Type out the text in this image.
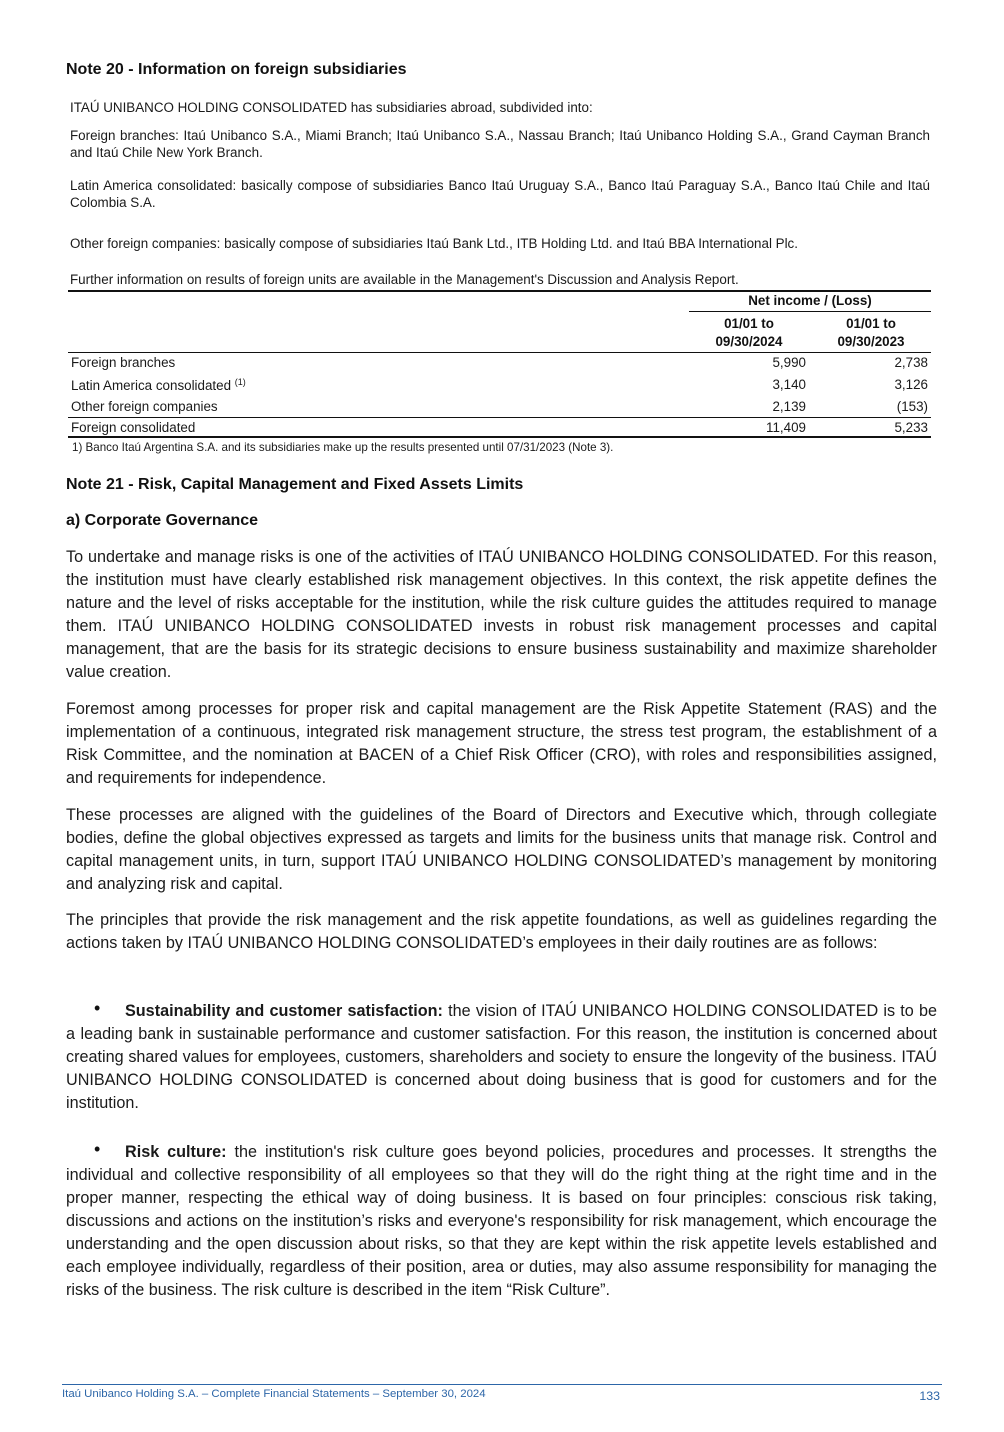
Note 20 - Information on foreign subsidiaries
ITAÚ UNIBANCO HOLDING CONSOLIDATED has subsidiaries abroad, subdivided into:
Foreign branches: Itaú Unibanco S.A., Miami Branch; Itaú Unibanco S.A., Nassau Branch; Itaú Unibanco Holding S.A., Grand Cayman Branch and Itaú Chile New York Branch.
Latin America consolidated: basically compose of subsidiaries Banco Itaú Uruguay S.A., Banco Itaú Paraguay S.A., Banco Itaú Chile and Itaú Colombia S.A.
Other foreign companies: basically compose of subsidiaries Itaú Bank Ltd., ITB Holding Ltd. and Itaú BBA International Plc.
Further information on results of foreign units are available in the Management's Discussion and Analysis Report.
Net income / (Loss)
01/01 to
09/30/2024
01/01 to
09/30/2023
Foreign branches	5,990	2,738
Latin America consolidated $^{(1)}$	3,140	3,126
Other foreign companies	2,139	(153)
Foreign consolidated	11,409	5,233
1) Banco Itaú Argentina S.A. and its subsidiaries make up the results presented until 07/31/2023 (Note 3).
Note 21 - Risk, Capital Management and Fixed Assets Limits
a) Corporate Governance
To undertake and manage risks is one of the activities of ITAÚ UNIBANCO HOLDING CONSOLIDATED. For this reason, the institution must have clearly established risk management objectives. In this context, the risk appetite defines the nature and the level of risks acceptable for the institution, while the risk culture guides the attitudes required to manage them. ITAÚ UNIBANCO HOLDING CONSOLIDATED invests in robust risk management processes and capital management, that are the basis for its strategic decisions to ensure business sustainability and maximize shareholder value creation.
Foremost among processes for proper risk and capital management are the Risk Appetite Statement (RAS) and the implementation of a continuous, integrated risk management structure, the stress test program, the establishment of a Risk Committee, and the nomination at BACEN of a Chief Risk Officer (CRO), with roles and responsibilities assigned, and requirements for independence.
These processes are aligned with the guidelines of the Board of Directors and Executive which, through collegiate bodies, define the global objectives expressed as targets and limits for the business units that manage risk. Control and capital management units, in turn, support ITAÚ UNIBANCO HOLDING CONSOLIDATED’s management by monitoring and analyzing risk and capital.
The principles that provide the risk management and the risk appetite foundations, as well as guidelines regarding the actions taken by ITAÚ UNIBANCO HOLDING CONSOLIDATED’s employees in their daily routines are as follows:
•	Sustainability and customer satisfaction: the vision of ITAÚ UNIBANCO HOLDING CONSOLIDATED is to be a leading bank in sustainable performance and customer satisfaction. For this reason, the institution is concerned about creating shared values for employees, customers, shareholders and society to ensure the longevity of the business. ITAÚ UNIBANCO HOLDING CONSOLIDATED is concerned about doing business that is good for customers and for the institution.
•	Risk culture: the institution's risk culture goes beyond policies, procedures and processes. It strengths the individual and collective responsibility of all employees so that they will do the right thing at the right time and in the proper manner, respecting the ethical way of doing business. It is based on four principles: conscious risk taking, discussions and actions on the institution’s risks and everyone's responsibility for risk management, which encourage the understanding and the open discussion about risks, so that they are kept within the risk appetite levels established and each employee individually, regardless of their position, area or duties, may also assume responsibility for managing the risks of the business. The risk culture is described in the item “Risk Culture”.
Itaú Unibanco Holding S.A. – Complete Financial Statements – September 30, 2024	133
